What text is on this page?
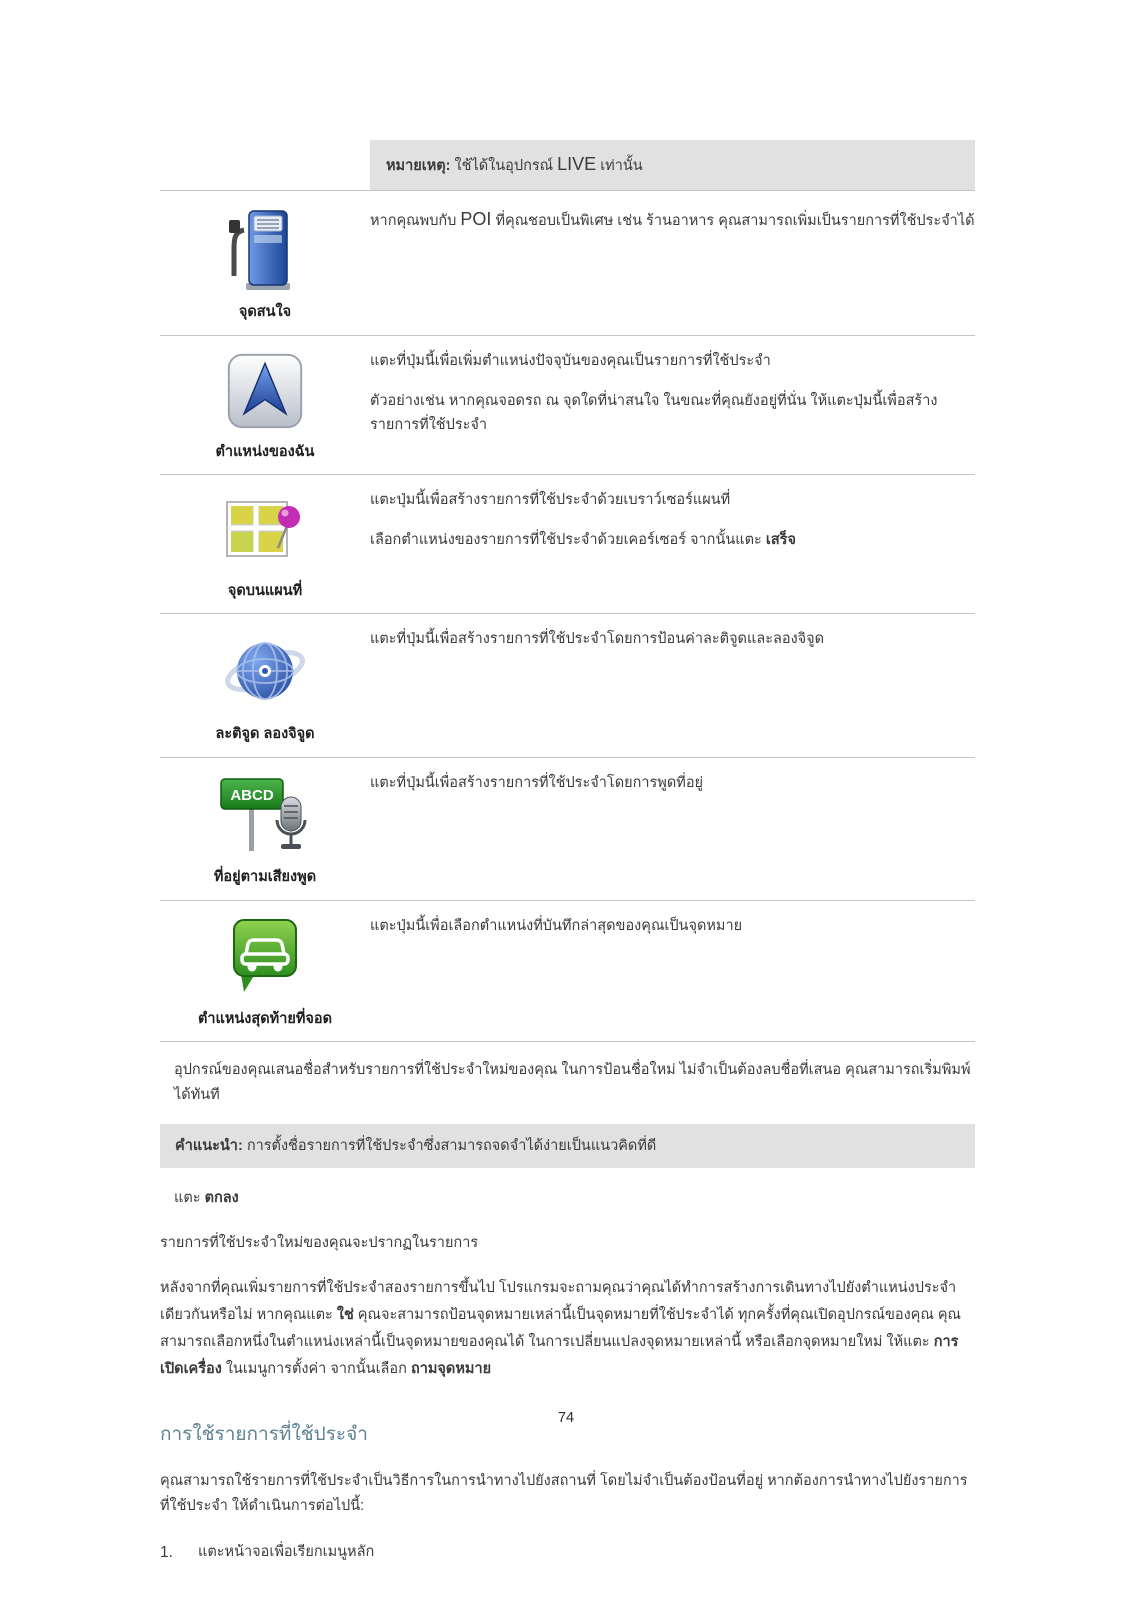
หมายเหตุ: ใช้ได้ในอุปกรณ์ LIVE เท่านั้น
จุดสนใจ

หากคุณพบกับ POI ที่คุณชอบเป็นพิเศษ เช่น ร้านอาหาร คุณสามารถเพิ่มเป็นรายการที่ใช้ประจำได้

ตำแหน่งของฉัน

แตะที่ปุ่มนี้เพื่อเพิ่มตำแหน่งปัจจุบันของคุณเป็นรายการที่ใช้ประจำ

ตัวอย่างเช่น หากคุณจอดรถ ณ จุดใดที่น่าสนใจ ในขณะที่คุณยังอยู่ที่นั่น ให้แตะปุ่มนี้เพื่อสร้างรายการที่ใช้ประจำ

จุดบนแผนที่

แตะปุ่มนี้เพื่อสร้างรายการที่ใช้ประจำด้วยเบราว์เซอร์แผนที่

เลือกตำแหน่งของรายการที่ใช้ประจำด้วยเคอร์เซอร์ จากนั้นแตะ เสร็จ

ละติจูด ลองจิจูด

แตะที่ปุ่มนี้เพื่อสร้างรายการที่ใช้ประจำโดยการป้อนค่าละติจูดและลองจิจูด

ABCD
ที่อยู่ตามเสียงพูด

แตะที่ปุ่มนี้เพื่อสร้างรายการที่ใช้ประจำโดยการพูดที่อยู่

ตำแหน่งสุดท้ายที่จอด

แตะปุ่มนี้เพื่อเลือกตำแหน่งที่บันทึกล่าสุดของคุณเป็นจุดหมาย

อุปกรณ์ของคุณเสนอชื่อสำหรับรายการที่ใช้ประจำใหม่ของคุณ ในการป้อนชื่อใหม่ ไม่จำเป็นต้องลบชื่อที่เสนอ คุณสามารถเริ่มพิมพ์ได้ทันที

คำแนะนำ: การตั้งชื่อรายการที่ใช้ประจำซึ่งสามารถจดจำได้ง่ายเป็นแนวคิดที่ดี

แตะ ตกลง

รายการที่ใช้ประจำใหม่ของคุณจะปรากฏในรายการ

หลังจากที่คุณเพิ่มรายการที่ใช้ประจำสองรายการขึ้นไป โปรแกรมจะถามคุณว่าคุณได้ทำการสร้างการเดินทางไปยังตำแหน่งประจำเดียวกันหรือไม่ หากคุณแตะ ใช่ คุณจะสามารถป้อนจุดหมายเหล่านี้เป็นจุดหมายที่ใช้ประจำได้ ทุกครั้งที่คุณเปิดอุปกรณ์ของคุณ คุณสามารถเลือกหนึ่งในตำแหน่งเหล่านี้เป็นจุดหมายของคุณได้ ในการเปลี่ยนแปลงจุดหมายเหล่านี้ หรือเลือกจุดหมายใหม่ ให้แตะ การเปิดเครื่อง ในเมนูการตั้งค่า จากนั้นเลือก ถามจุดหมาย

การใช้รายการที่ใช้ประจำ

คุณสามารถใช้รายการที่ใช้ประจำเป็นวิธีการในการนำทางไปยังสถานที่ โดยไม่จำเป็นต้องป้อนที่อยู่ หากต้องการนำทางไปยังรายการที่ใช้ประจำ ให้ดำเนินการต่อไปนี้:

1.	แตะหน้าจอเพื่อเรียกเมนูหลัก
74
